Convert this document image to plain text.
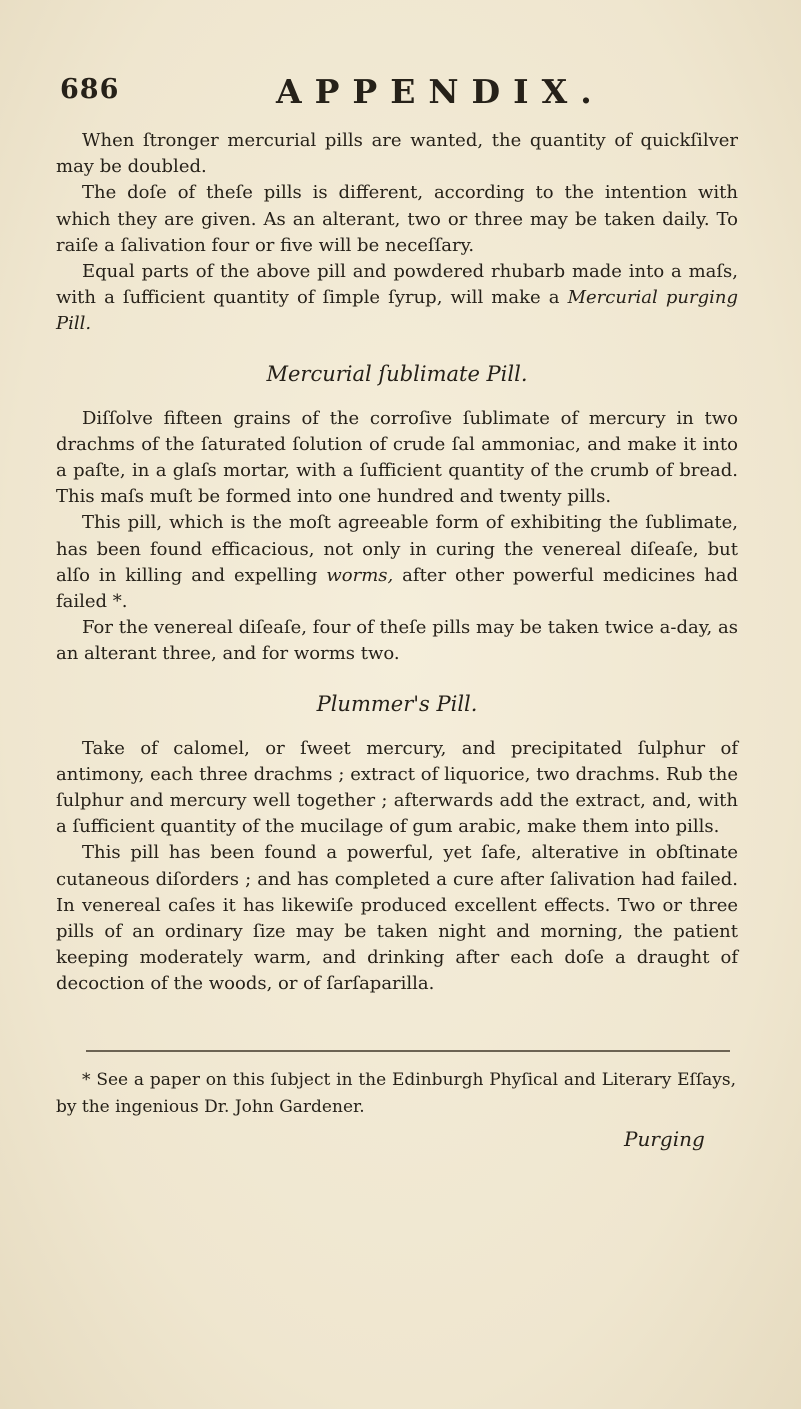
686	APPENDIX.

When ſtronger mercurial pills are wanted, the quantity of quickſilver may be doubled.

The doſe of theſe pills is different, according to the intention with which they are given. As an alterant, two or three may be taken daily. To raiſe a ſalivation four or five will be neceſſary.

Equal parts of the above pill and powdered rhubarb made into a maſs, with a ſufficient quantity of ſimple ſyrup, will make a Mercurial purging Pill.

Mercurial ſublimate Pill.

Diſſolve fifteen grains of the corroſive ſublimate of mercury in two drachms of the ſaturated ſolution of crude ſal ammoniac, and make it into a paſte, in a glaſs mortar, with a ſufficient quantity of the crumb of bread. This maſs muſt be formed into one hundred and twenty pills.

This pill, which is the moſt agreeable form of exhibiting the ſublimate, has been found efficacious, not only in curing the venereal diſeaſe, but alſo in killing and expelling worms, after other powerful medicines had failed *.

For the venereal diſeaſe, four of theſe pills may be taken twice a-day, as an alterant three, and for worms two.

Plummer's Pill.

Take of calomel, or ſweet mercury, and precipitated ſulphur of antimony, each three drachms ; extract of liquorice, two drachms. Rub the ſulphur and mercury well together ; afterwards add the extract, and, with a ſufficient quantity of the mucilage of gum arabic, make them into pills.

This pill has been found a powerful, yet ſafe, alterative in obſtinate cutaneous diſorders ; and has completed a cure after ſalivation had failed. In venereal caſes it has likewiſe produced excellent effects. Two or three pills of an ordinary ſize may be taken night and morning, the patient keeping moderately warm, and drinking after each doſe a draught of decoction of the woods, or of ſarſaparilla.

* See a paper on this ſubject in the Edinburgh Phyſical and Literary Eſſays, by the ingenious Dr. John Gardener.
Purging
